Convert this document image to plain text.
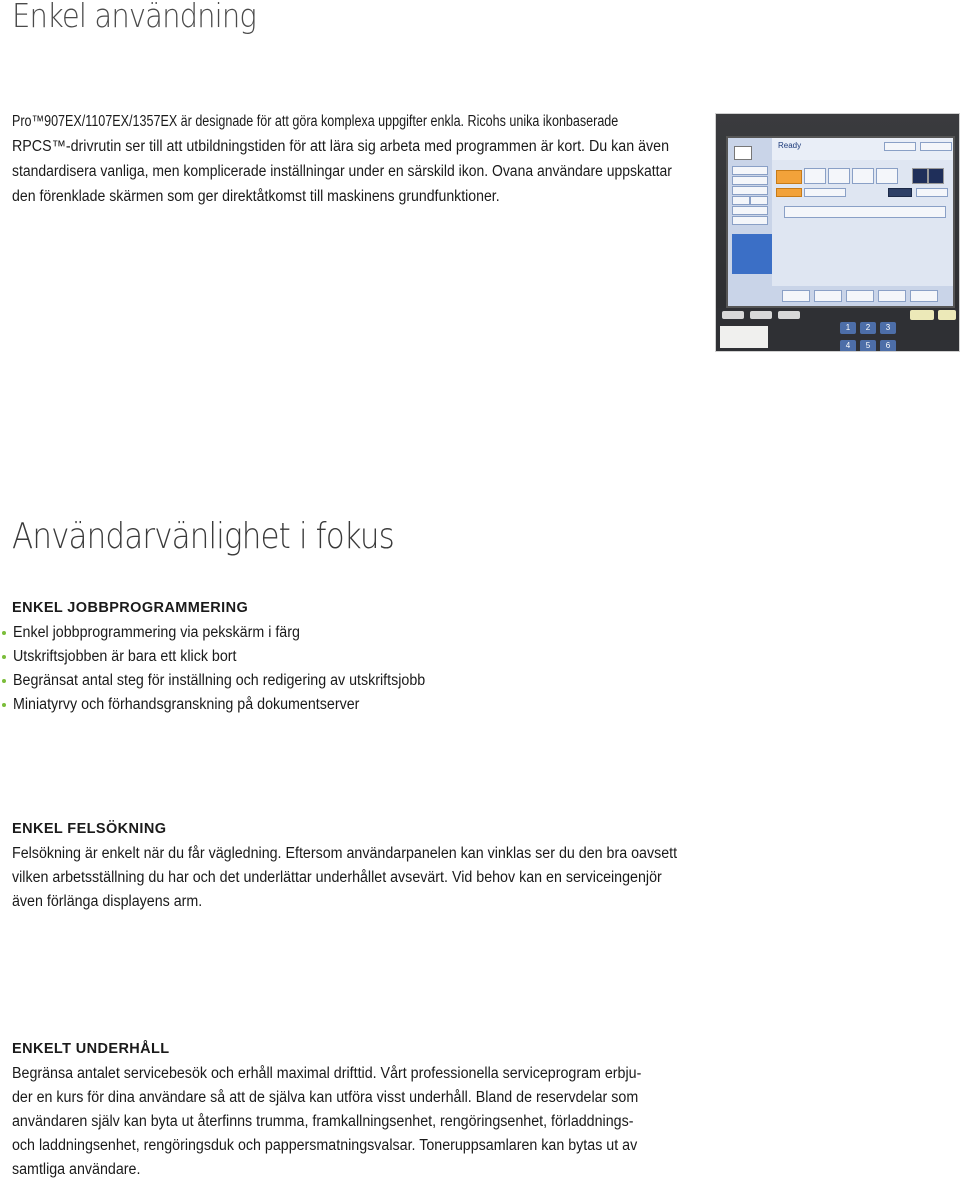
Enkel användning

Pro™907EX/1107EX/1357EX är designade för att göra komplexa uppgifter enkla. Ricohs unika ikonbaserade
RPCS™-drivrutin ser till att utbildningstiden för att lära sig arbeta med programmen är kort. Du kan även
standardisera vanliga, men komplicerade inställningar under en särskild ikon. Ovana användare uppskattar
den förenklade skärmen som ger direktåtkomst till maskinens grundfunktioner.

Ready
1	2	3
4	5	6
Användarvänlighet i fokus
ENKEL JOBBPROGRAMMERING
Enkel jobbprogrammering via pekskärm i färg
Utskriftsjobben är bara ett klick bort
Begränsat antal steg för inställning och redigering av utskriftsjobb
Miniatyrvy och förhandsgranskning på dokumentserver
ENKEL FELSÖKNING

Felsökning är enkelt när du får vägledning. Eftersom användarpanelen kan vinklas ser du den bra oavsett
vilken arbetsställning du har och det underlättar underhållet avsevärt. Vid behov kan en serviceingenjör
även förlänga displayens arm.

ENKELT UNDERHÅLL

Begränsa antalet servicebesök och erhåll maximal drifttid. Vårt professionella serviceprogram erbju-
der en kurs för dina användare så att de själva kan utföra visst underhåll. Bland de reservdelar som
användaren själv kan byta ut återfinns trumma, framkallningsenhet, rengöringsenhet, förladdnings-
och laddningsenhet, rengöringsduk och pappersmatningsvalsar. Toneruppsamlaren kan bytas ut av
samtliga användare.
